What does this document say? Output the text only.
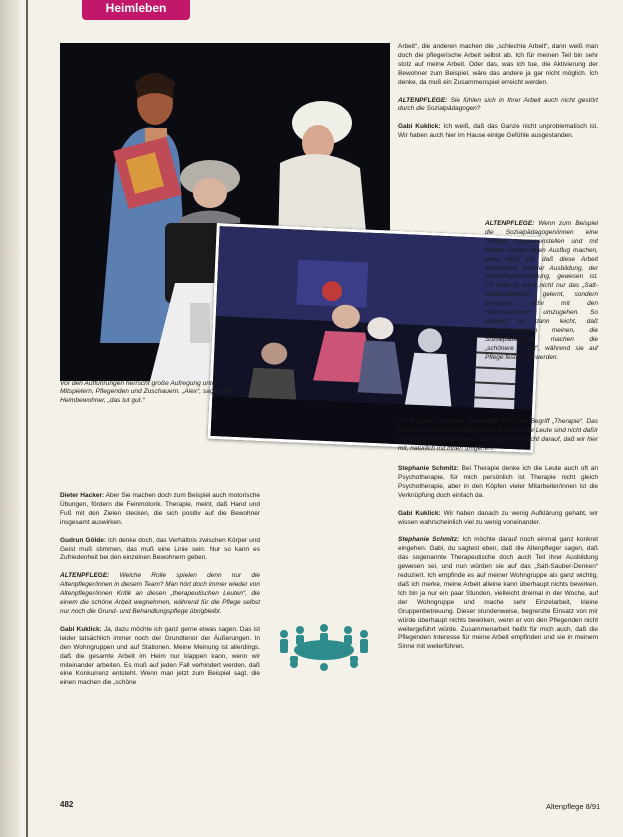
Heimleben
Vor den Aufführungen herrscht große Aufregung unter Mitspielern, Pflegenden und Zuschauern. „Alex“, sagen die Heimbewohner, „das tut gut.“

Arbeit“, die anderen machen die „schlechte Arbeit“, dann weiß man doch die pflegerische Arbeit selbst ab. Ich für meinen Teil bin sehr stolz auf meine Arbeit. Oder das, was ich tue, die Aktivierung der Bewohner zum Beispiel, wäre das andere ja gar nicht möglich. Ich denke, da muß ein Zusammenspiel erreicht werden.

ALTENPFLEGE: Sie fühlen sich in Ihrer Arbeit auch nicht gestört durch die Sozialpädagogen?

Gabi Kuklick: Ich weiß, daß das Ganze nicht unproblematisch ist. Wir haben auch hier im Hause einige Gefühle ausgestanden.

ALTENPFLEGE: Wenn zum Beispiel die Sozialpädagogen/innen eine Gruppe zusammenstellen und mit diesen Leuten einen Ausflug machen, dann weiß ich, daß diese Arbeit Bestandteil unserer Ausbildung, der Altenpflegeausbildung, gewesen ist. Ich habe ja auch nicht nur das „Satt-Sauber-Denken“ gelernt, sondern versuche, aktiv mit den Heimbewohnern umzugehen. So passiert es dann leicht, daß Altenpfleger/innen meinen, die Sozialpädagogen machen die „schönere Arbeit“, während sie auf Pflege festgelegt werden.

Ich mag den jüngeren Überbegriff nicht den Begriff „Therapie“. Das kommt so aus dem medizinischen Bereich. Alle Leute sind nicht dafür da, daß wir sie therapieren. Sie haben ein Recht darauf, daß wir hier mit, natürlich mit ihnen umgehen.

Stephanie Schmitz: Bei Therapie denke ich die Leute auch oft an Psychotherapie, für mich persönlich ist Therapie nicht gleich Psychotherapie, aber in den Köpfen vieler Mitarbeiter/innen ist die Verknüpfung doch einfach da.

Gabi Kuklick: Wir haben danach zu wenig Aufklärung gehabt, wir wissen wahrscheinlich viel zu wenig voneinander.

Stephanie Schmitz: Ich möchte darauf noch einmal ganz konkret eingehen. Gabi, du sagtest eben, daß die Altenpfleger sagen, daß das sogenannte Therapeutische doch auch Teil ihrer Ausbildung gewesen sei, und nun würden sie auf das „Satt-Sauber-Denken“ reduziert. Ich empfinde es auf meiner Wohngruppe als ganz wichtig, daß ich merke, meine Arbeit alleine kann überhaupt nichts bewirken. Ich bin ja nur ein paar Stunden, vielleicht dreimal in der Woche, auf der Wohngruppe und mache sehr Einzelarbeit, kleine Gruppenbetreuung. Dieser stundenweise, begrenzte Einsatz von mir würde überhaupt nichts bewirken, wenn er von den Pflegenden nicht weitergeführt würde. Zusammenarbeit heißt für mich auch, daß die Pflegenden Interesse für meine Arbeit empfinden und sie in meinem Sinne mit weiterführen.

Dieter Hacker: Aber Sie machen doch zum Beispiel auch motorische Übungen, fördern die Feinmotorik. Therapie, meint, daß Hand und Fuß mit den Zielen stecken, die sich positiv auf die Bewohner insgesamt auswirken.

Gudrun Gölde: Ich denke doch, das Verhältnis zwischen Körper und Geist muß stimmen, das muß eine Linie sein. Nur so kann es Zufriedenheit bei den einzelnen Bewohnern geben.

ALTENPFLEGE: Welche Rolle spielen denn nur die Altenpfleger/innen in diesem Team? Man hört doch immer wieder von Altenpfleger/innen Kritik an diesen „therapeutischen Leuten“, die einem die schöne Arbeit wegnehmen, während für die Pflege selbst nur noch die Grund- und Behandlungspflege übrigbleibt.

Gabi Kuklick: Ja, dazu möchte ich ganz gerne etwas sagen. Das ist leider tatsächlich immer noch der Grundtenor der Äußerungen. In den Wohngruppen und auf Stationen. Meine Meinung ist allerdings, daß die gesamte Arbeit im Heim nur klappen kann, wenn wir miteinander arbeiten. Es muß auf jeden Fall verhindert werden, daß eine Konkurrenz entsteht. Wenn man jetzt zum Beispiel sagt, die einen machen die „schöne

482	Altenpflege 8/91
